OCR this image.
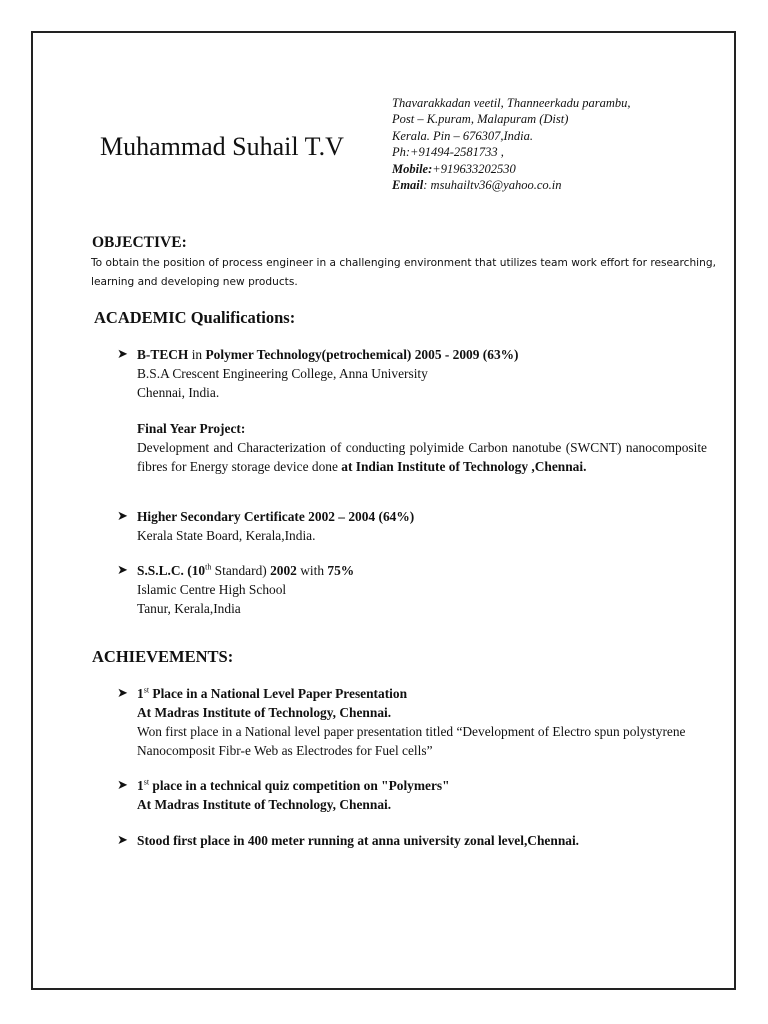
Muhammad Suhail T.V
Thavarakkadan veetil, Thanneerkadu parambu,
Post – K.puram, Malapuram (Dist)
Kerala. Pin – 676307,India.
Ph:+91494-2581733 ,
Mobile:+919633202530
Email: msuhailtv36@yahoo.co.in
OBJECTIVE:
To obtain the position of process engineer in a challenging environment that utilizes team work effort for researching, learning and developing new products.
ACADEMIC Qualifications:
➤ B-TECH in Polymer Technology(petrochemical) 2005 - 2009 (63%)
B.S.A Crescent Engineering College, Anna University
Chennai, India.
Final Year Project:
Development and Characterization of conducting polyimide Carbon nanotube (SWCNT) nanocomposite fibres for Energy storage device done at Indian Institute of Technology ,Chennai.
➤ Higher Secondary Certificate 2002 – 2004 (64%)
Kerala State Board, Kerala,India.
➤ S.S.L.C. (10th Standard) 2002 with 75%
Islamic Centre High School
Tanur, Kerala,India
ACHIEVEMENTS:
➤ 1st Place in a National Level Paper Presentation
At Madras Institute of Technology, Chennai.
Won first place in a National level paper presentation titled “Development of Electro spun polystyrene Nanocomposit Fibr-e Web as Electrodes for Fuel cells”
➤ 1st place in a technical quiz competition on "Polymers"
At Madras Institute of Technology, Chennai.
➤ Stood first place in 400 meter running at anna university zonal level,Chennai.
